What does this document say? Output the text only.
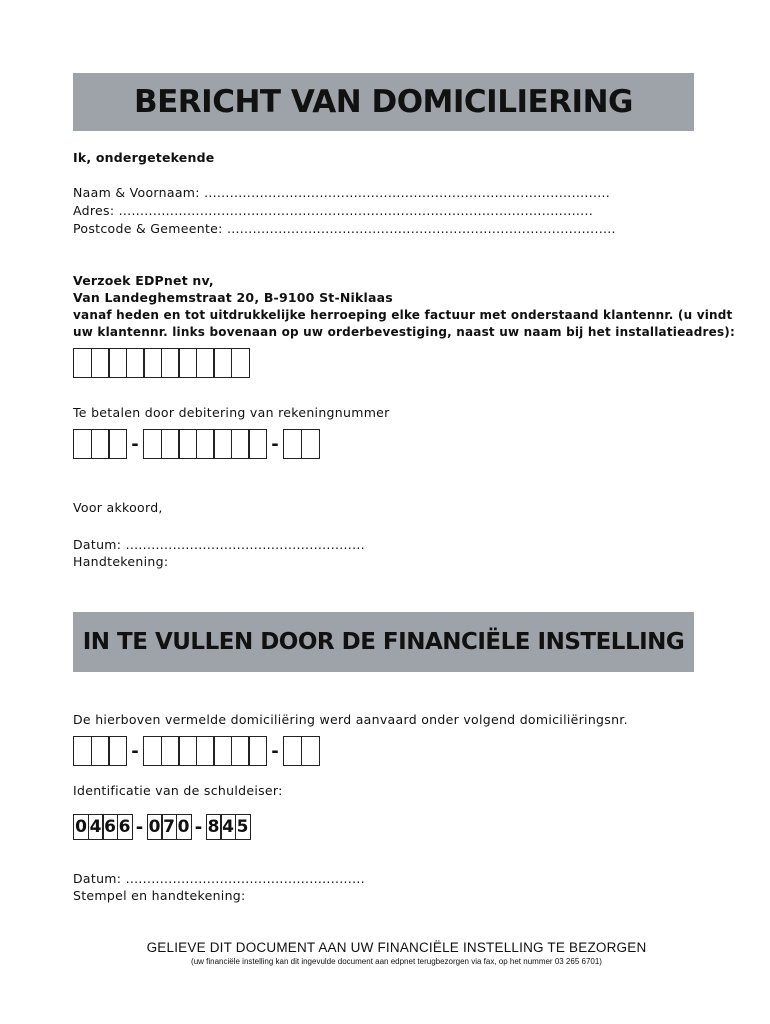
BERICHT VAN DOMICILIERING
Ik, ondergetekende
Naam & Voornaam: ...............................................................................................
Adres: ...............................................................................................................
Postcode & Gemeente: ...........................................................................................
Verzoek EDPnet nv,
Van Landeghemstraat 20, B-9100 St-Niklaas
vanaf heden en tot uitdrukkelijke herroeping elke factuur met onderstaand klantennr. (u vindt
uw klantennr. links bovenaan op uw orderbevestiging, naast uw naam bij het installatieadres):
Te betalen door debitering van rekeningnummer
-	-
Voor akkoord,
Datum: ........................................................
Handtekening:
IN TE VULLEN DOOR DE FINANCIËLE INSTELLING
De hierboven vermelde domiciliëring werd aanvaard onder volgend domiciliëringsnr.
-	-
Identificatie van de schuldeiser:
0 4 6 6 - 0 7 0 - 8 4 5
Datum: ........................................................
Stempel en handtekening:
GELIEVE DIT DOCUMENT AAN UW FINANCIËLE INSTELLING TE BEZORGEN
(uw financiële instelling kan dit ingevulde document aan edpnet terugbezorgen via fax, op het nummer 03 265 6701)
